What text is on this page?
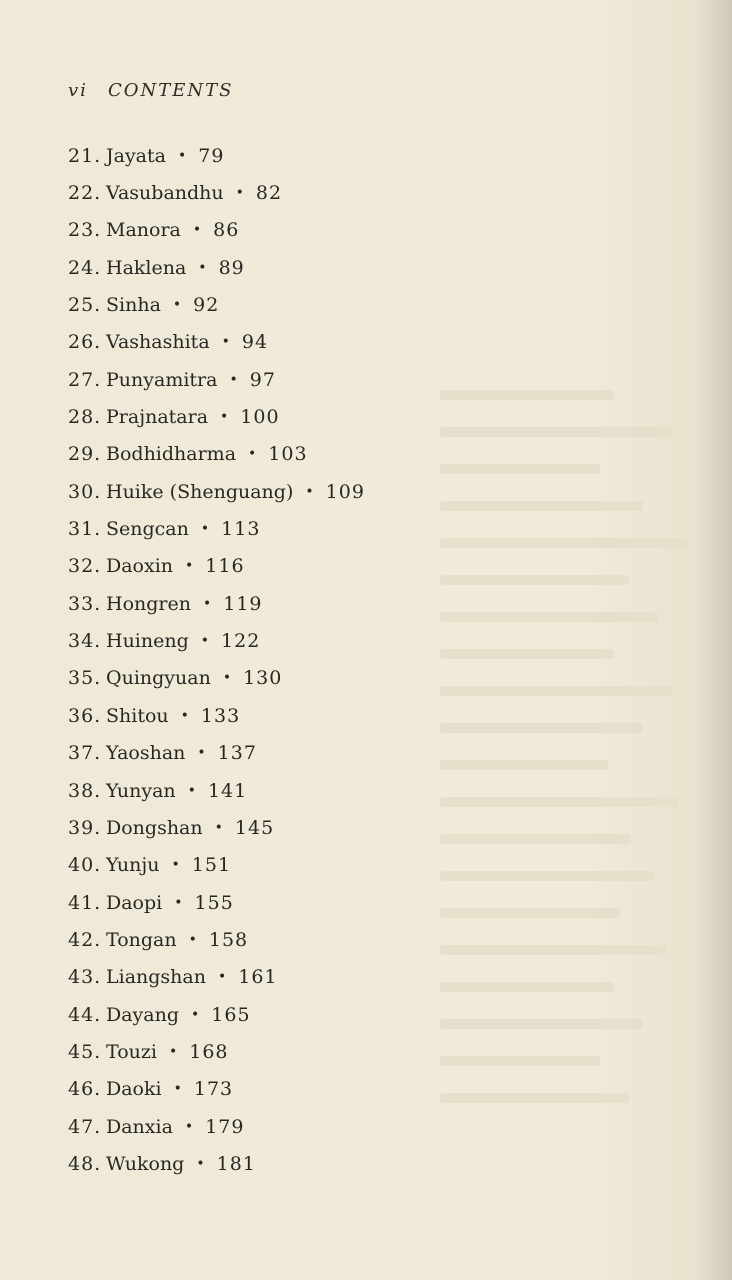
vi CONTENTS
21. Jayata • 79
22. Vasubandhu • 82
23. Manora • 86
24. Haklena • 89
25. Sinha • 92
26. Vashashita • 94
27. Punyamitra • 97
28. Prajnatara • 100
29. Bodhidharma • 103
30. Huike (Shenguang) • 109
31. Sengcan • 113
32. Daoxin • 116
33. Hongren • 119
34. Huineng • 122
35. Quingyuan • 130
36. Shitou • 133
37. Yaoshan • 137
38. Yunyan • 141
39. Dongshan • 145
40. Yunju • 151
41. Daopi • 155
42. Tongan • 158
43. Liangshan • 161
44. Dayang • 165
45. Touzi • 168
46. Daoki • 173
47. Danxia • 179
48. Wukong • 181
